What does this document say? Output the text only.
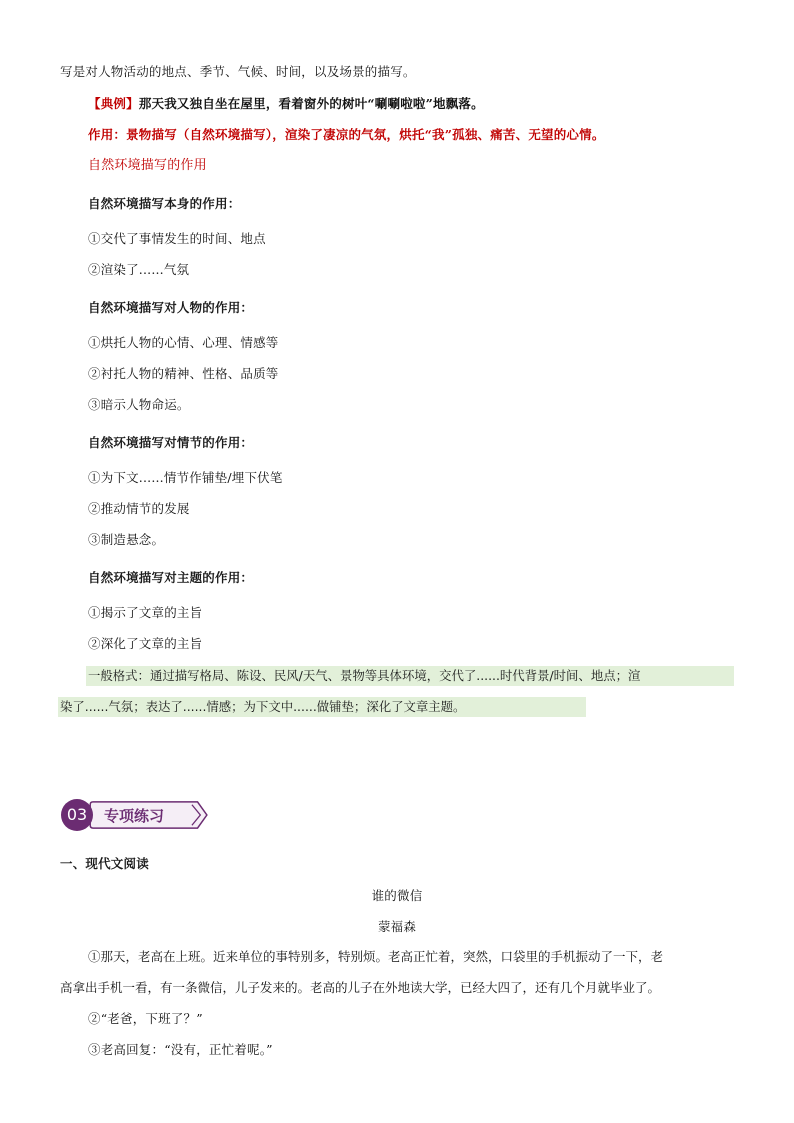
写是对人物活动的地点、季节、气候、时间，以及场景的描写。
【典例】那天我又独自坐在屋里，看着窗外的树叶“唰唰啦啦”地飘落。
作用：景物描写（自然环境描写），渲染了凄凉的气氛，烘托“我”孤独、痛苦、无望的心情。
自然环境描写的作用
自然环境描写本身的作用：
①交代了事情发生的时间、地点
②渲染了......气氛
自然环境描写对人物的作用：
①烘托人物的心情、心理、情感等
②衬托人物的精神、性格、品质等
③暗示人物命运。
自然环境描写对情节的作用：
①为下文......情节作铺垫/埋下伏笔
②推动情节的发展
③制造悬念。
自然环境描写对主题的作用：
①揭示了文章的主旨
②深化了文章的主旨
一般格式：通过描写格局、陈设、民风/天气、景物等具体环境，交代了......时代背景/时间、地点；渲
染了......气氛；表达了......情感；为下文中......做铺垫；深化了文章主题。
03	专项练习
一、现代文阅读
谁的微信
蒙福森
①那天，老高在上班。近来单位的事特别多，特别烦。老高正忙着，突然，口袋里的手机振动了一下，老
高拿出手机一看，有一条微信，儿子发来的。老高的儿子在外地读大学，已经大四了，还有几个月就毕业了。
②“老爸，下班了？”
③老高回复：“没有，正忙着呢。”
